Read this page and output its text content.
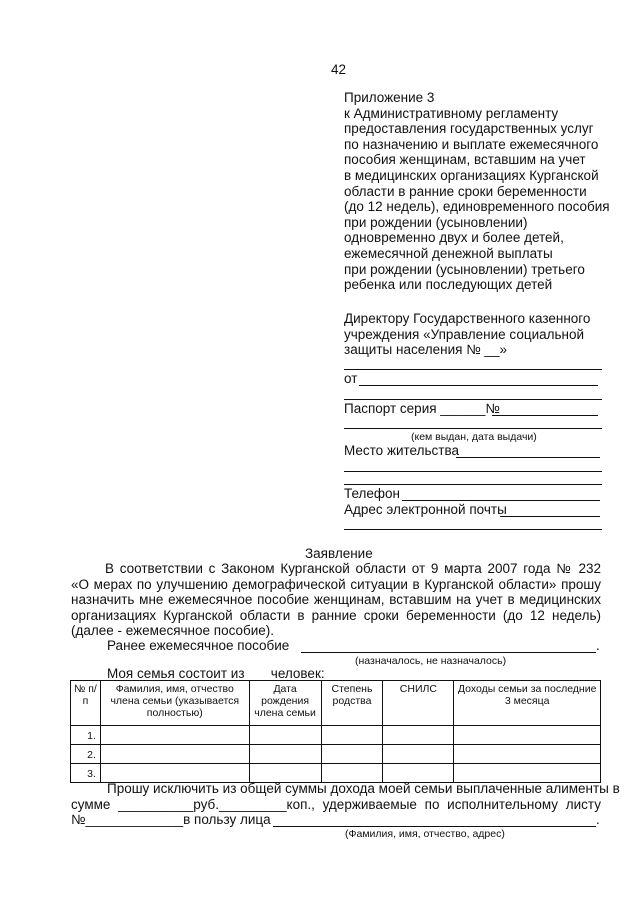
42
Приложение 3
к Административному регламенту
предоставления государственных услуг
по назначению и выплате ежемесячного
пособия женщинам, вставшим на учет
в медицинских организациях Курганской
области в ранние сроки беременности
(до 12 недель), единовременного пособия
при рождении (усыновлении)
одновременно двух и более детей,
ежемесячной денежной выплаты
при рождении (усыновлении) третьего
ребенка или последующих детей
Директору Государственного казенного
учреждения «Управление социальной
защиты населения № __»
от
Паспорт серия ______№
(кем выдан, дата выдачи)
Место жительства
Телефон
Адрес электронной почты
Заявление
В соответствии с Законом Курганской области от 9 марта 2007 года № 232
«О мерах по улучшению демографической ситуации в Курганской области» прошу
назначить мне ежемесячное пособие женщинам, вставшим на учет в медицинских
организациях Курганской области в ранние сроки беременности (до 12 недель)
(далее - ежемесячное пособие).
Ранее ежемесячное пособие	.
(назначалось, не назначалось)
Моя семья состоит из ___человек:
№ п/п	Фамилия, имя, отчество члена семьи (указывается полностью)	Дата рождения члена семьи	Степень родства	СНИЛС	Доходы семьи за последние 3 месяца
1.					
2.					
3.					
Прошу исключить из общей суммы дохода моей семьи выплаченные алименты в
сумме __________руб._________коп., удерживаемые по исполнительному листу
№_____________в пользу лица	.
(Фамилия, имя, отчество, адрес)
